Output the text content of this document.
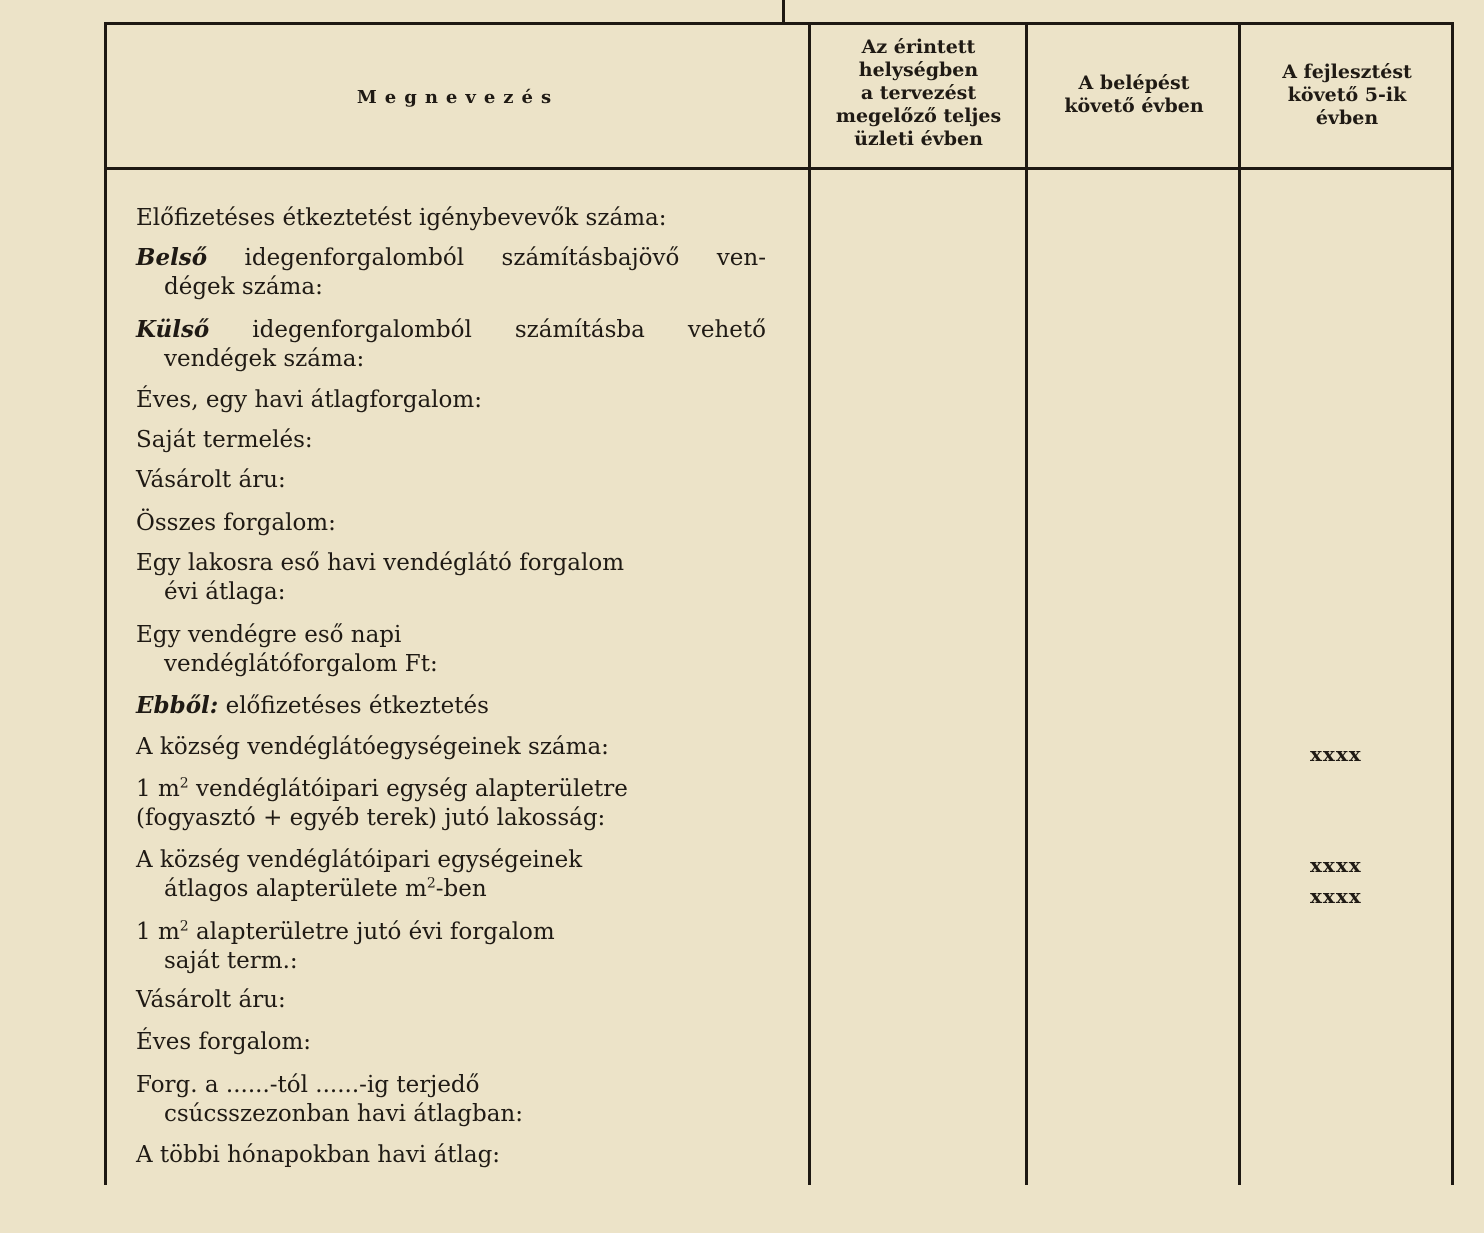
Megnevezés
Az érintett
helységben
a tervezést
megelőző teljes
üzleti évben
A belépést
követő évben
A fejlesztést
követő 5-ik
évben
Előfizetéses étkeztetést igénybevevők száma:
Belső idegenforgalomból számításbajövő ven-
dégek száma:
Külső idegenforgalomból számításba vehető
vendégek száma:
Éves, egy havi átlagforgalom:
Saját termelés:
Vásárolt áru:
Összes forgalom:
Egy lakosra eső havi vendéglátó forgalom
évi átlaga:
Egy vendégre eső napi
vendéglátóforgalom Ft:
Ebből: előfizetéses étkeztetés
A község vendéglátóegységeinek száma:
1 $m^2$ vendéglátóipari egység alapterületre
(fogyasztó + egyéb terek) jutó lakosság:
A község vendéglátóipari egységeinek
átlagos alapterülete $m^2$-ben
1 $m^2$ alapterületre jutó évi forgalom
saját term.:
Vásárolt áru:
Éves forgalom:
Forg. a ......-tól ......-ig terjedő
csúcsszezonban havi átlagban:
A többi hónapokban havi átlag:
xxxx
xxxx
xxxx
